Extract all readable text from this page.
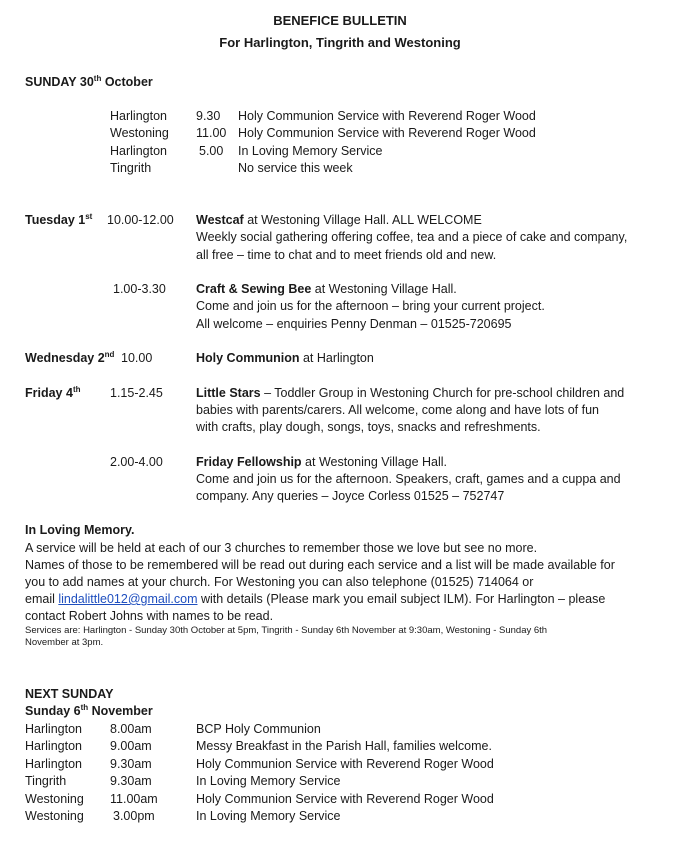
BENEFICE BULLETIN
For Harlington, Tingrith and Westoning
SUNDAY 30th October
Harlington 9.30 Holy Communion Service with Reverend Roger Wood
Westoning 11.00 Holy Communion Service with Reverend Roger Wood
Harlington	5.00 In Loving Memory Service
Tingrith	No service this week
Tuesday 1st 10.00-12.00 Westcaf at Westoning Village Hall. ALL WELCOME
Weekly social gathering offering coffee, tea and a piece of cake and company,
all free – time to chat and to meet friends old and new.
1.00-3.30 Craft & Sewing Bee at Westoning Village Hall.
Come and join us for the afternoon – bring your current project.
All welcome – enquiries Penny Denman – 01525-720695
Wednesday 2nd 10.00	Holy Communion at Harlington
Friday 4th 1.15-2.45	Little Stars – Toddler Group in Westoning Church for pre-school children and
babies with parents/carers. All welcome, come along and have lots of fun
with crafts, play dough, songs, toys, snacks and refreshments.
2.00-4.00	Friday Fellowship at Westoning Village Hall.
Come and join us for the afternoon. Speakers, craft, games and a cuppa and
company. Any queries – Joyce Corless 01525 – 752747
In Loving Memory.
A service will be held at each of our 3 churches to remember those we love but see no more.
Names of those to be remembered will be read out during each service and a list will be made available for
you to add names at your church. For Westoning you can also telephone (01525) 714064 or
email lindalittle012@gmail.com with details (Please mark you email subject ILM). For Harlington – please
contact Robert Johns with names to be read.
Services are: Harlington - Sunday 30th October at 5pm, Tingrith - Sunday 6th November at 9:30am, Westoning - Sunday 6th
November at 3pm.
NEXT SUNDAY
Sunday 6th November
Harlington 8.00am	BCP Holy Communion
Harlington 9.00am	Messy Breakfast in the Parish Hall, families welcome.
Harlington 9.30am	Holy Communion Service with Reverend Roger Wood
Tingrith	9.30am	In Loving Memory Service
Westoning 11.00am	Holy Communion Service with Reverend Roger Wood
Westoning 3.00pm	In Loving Memory Service
